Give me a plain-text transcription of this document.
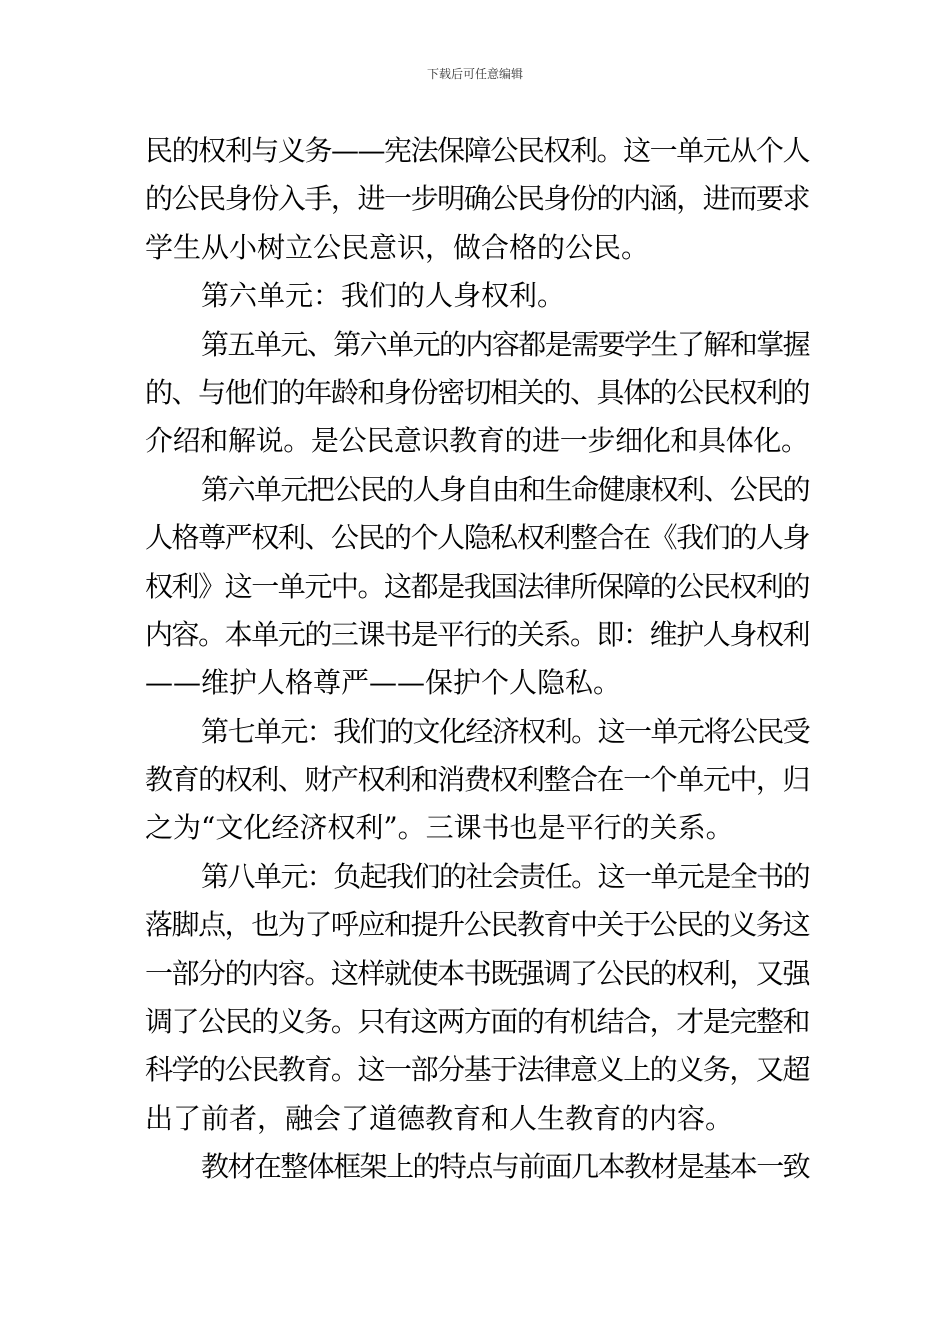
下载后可任意编辑
民的权利与义务——宪法保障公民权利。这一单元从个人
的公民身份入手，进一步明确公民身份的内涵，进而要求
学生从小树立公民意识，做合格的公民。
第六单元：我们的人身权利。
第五单元、第六单元的内容都是需要学生了解和掌握
的、与他们的年龄和身份密切相关的、具体的公民权利的
介绍和解说。是公民意识教育的进一步细化和具体化。
第六单元把公民的人身自由和生命健康权利、公民的
人格尊严权利、公民的个人隐私权利整合在《我们的人身
权利》这一单元中。这都是我国法律所保障的公民权利的
内容。本单元的三课书是平行的关系。即：维护人身权利
——维护人格尊严——保护个人隐私。
第七单元：我们的文化经济权利。这一单元将公民受
教育的权利、财产权利和消费权利整合在一个单元中，归
之为“文化经济权利”。三课书也是平行的关系。
第八单元：负起我们的社会责任。这一单元是全书的
落脚点，也为了呼应和提升公民教育中关于公民的义务这
一部分的内容。这样就使本书既强调了公民的权利，又强
调了公民的义务。只有这两方面的有机结合，才是完整和
科学的公民教育。这一部分基于法律意义上的义务，又超
出了前者，融会了道德教育和人生教育的内容。
教材在整体框架上的特点与前面几本教材是基本一致
